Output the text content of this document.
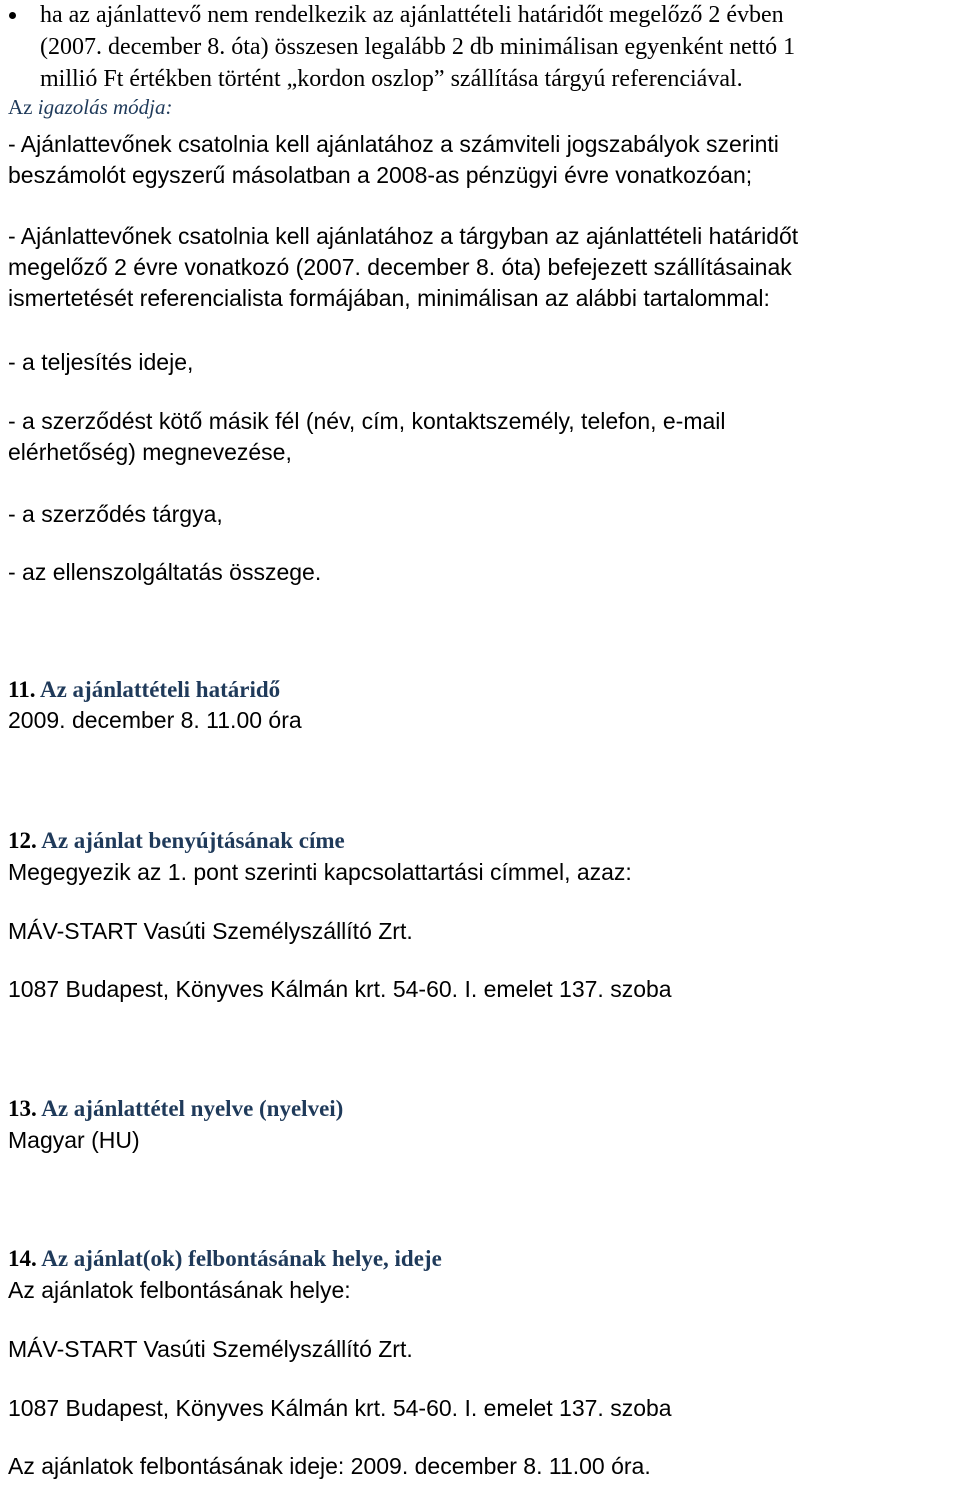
ha az ajánlattevő nem rendelkezik az ajánlattételi határidőt megelőző 2 évben
(2007. december 8. óta) összesen legalább 2 db minimálisan egyenként nettó 1
millió Ft értékben történt „kordon oszlop” szállítása tárgyú referenciával.
Az igazolás módja:
- Ajánlattevőnek csatolnia kell ajánlatához a számviteli jogszabályok szerinti
beszámolót egyszerű másolatban a 2008-as pénzügyi évre vonatkozóan;
- Ajánlattevőnek csatolnia kell ajánlatához a tárgyban az ajánlattételi határidőt
megelőző 2 évre vonatkozó (2007. december 8. óta) befejezett szállításainak
ismertetését referencialista formájában, minimálisan az alábbi tartalommal:
- a teljesítés ideje,
- a szerződést kötő másik fél (név, cím, kontaktszemély, telefon, e-mail
elérhetőség) megnevezése,
- a szerződés tárgya,
- az ellenszolgáltatás összege.
11. Az ajánlattételi határidő
2009. december 8. 11.00 óra
12. Az ajánlat benyújtásának címe
Megegyezik az 1. pont szerinti kapcsolattartási címmel, azaz:
MÁV-START Vasúti Személyszállító Zrt.
1087 Budapest, Könyves Kálmán krt. 54-60. I. emelet 137. szoba
13. Az ajánlattétel nyelve (nyelvei)
Magyar (HU)
14. Az ajánlat(ok) felbontásának helye, ideje
Az ajánlatok felbontásának helye:
MÁV-START Vasúti Személyszállító Zrt.
1087 Budapest, Könyves Kálmán krt. 54-60. I. emelet 137. szoba
Az ajánlatok felbontásának ideje: 2009. december 8. 11.00 óra.
